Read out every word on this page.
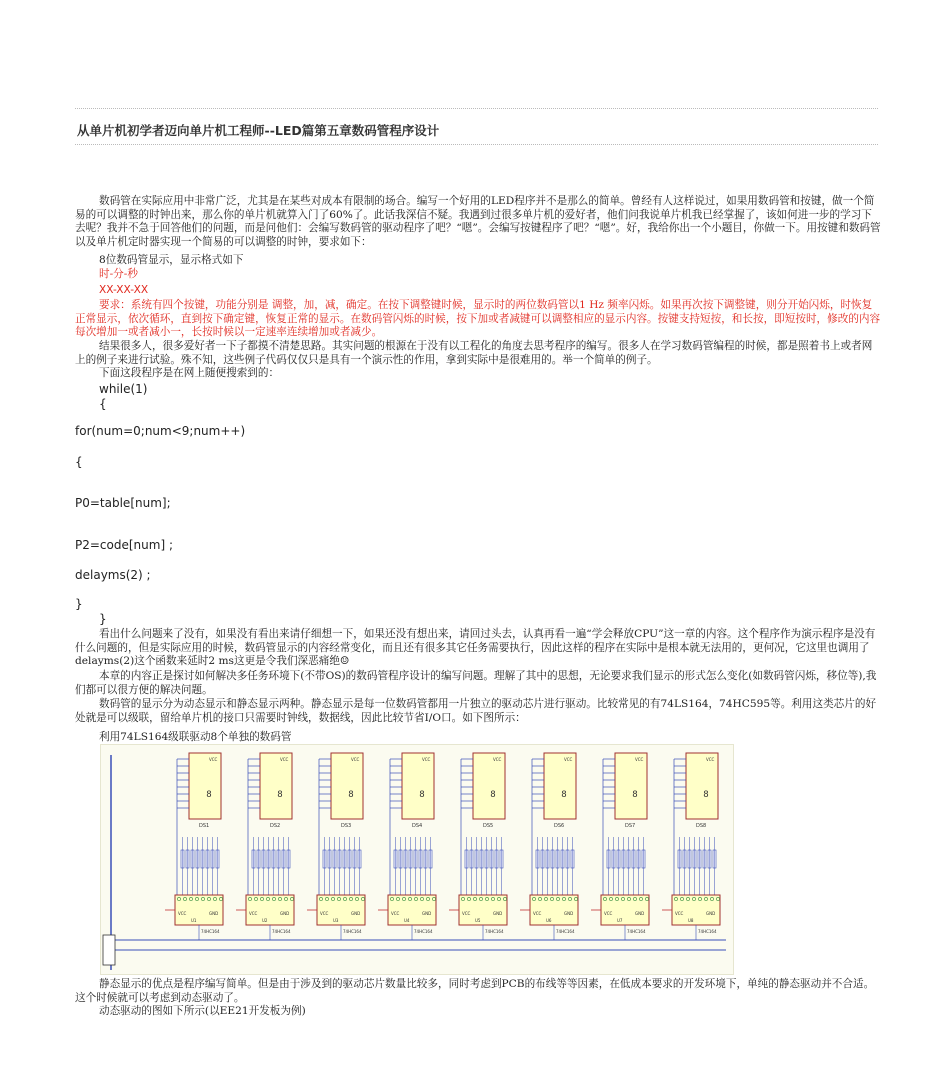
从单片机初学者迈向单片机工程师--LED篇第五章数码管程序设计
数码管在实际应用中非常广泛，尤其是在某些对成本有限制的场合。编写一个好用的LED程序并不是那么的简单。曾经有人这样说过，如果用数码管和按键，做一个简易的可以调整的时钟出来，那么你的单片机就算入门了60%了。此话我深信不疑。我遇到过很多单片机的爱好者，他们问我说单片机我已经掌握了，该如何进一步的学习下去呢？我并不急于回答他们的问题，而是问他们：会编写数码管的驱动程序了吧？“嗯”。会编写按键程序了吧？“嗯”。好，我给你出一个小题目，你做一下。用按键和数码管以及单片机定时器实现一个简易的可以调整的时钟，要求如下：
8位数码管显示，显示格式如下
时-分-秒
XX-XX-XX
要求：系统有四个按键，功能分别是 调整，加，减，确定。在按下调整键时候，显示时的两位数码管以1 Hz 频率闪烁。如果再次按下调整键，则分开始闪烁，时恢复正常显示，依次循环，直到按下确定键，恢复正常的显示。在数码管闪烁的时候，按下加或者减键可以调整相应的显示内容。按键支持短按，和长按，即短按时，修改的内容每次增加一或者减小一，长按时候以一定速率连续增加或者减少。
结果很多人，很多爱好者一下子都摸不清楚思路。其实问题的根源在于没有以工程化的角度去思考程序的编写。很多人在学习数码管编程的时候，都是照着书上或者网上的例子来进行试验。殊不知，这些例子代码仅仅只是具有一个演示性的作用，拿到实际中是很难用的。举一个简单的例子。
下面这段程序是在网上随便搜索到的：
while(1)
{
for(num=0;num<9;num++)
{
P0=table[num];
P2=code[num] ;
delayms(2) ;
}
}
看出什么问题来了没有，如果没有看出来请仔细想一下，如果还没有想出来，请回过头去，认真再看一遍“学会释放CPU”这一章的内容。这个程序作为演示程序是没有什么问题的，但是实际应用的时候，数码管显示的内容经常变化，而且还有很多其它任务需要执行，因此这样的程序在实际中是根本就无法用的，更何况，它这里也调用了delayms(2)这个函数来延时2 ms这更是令我们深恶痛绝☺
本章的内容正是探讨如何解决多任务环境下(不带OS)的数码管程序设计的编写问题。理解了其中的思想，无论要求我们显示的形式怎么变化(如数码管闪烁，移位等),我们都可以很方便的解决问题。
数码管的显示分为动态显示和静态显示两种。静态显示是每一位数码管都用一片独立的驱动芯片进行驱动。比较常见的有74LS164，74HC595等。利用这类芯片的好处就是可以级联，留给单片机的接口只需要时钟线，数据线，因此比较节省I/O口。如下图所示：
利用74LS164级联驱动8个单独的数码管
8
VCC
DS1
VCC	GND
U1
74HC164
8
VCC
DS2
VCC	GND
U2
74HC164
8
VCC
DS3
VCC	GND
U3
74HC164
8
VCC
DS4
VCC	GND
U4
74HC164
8
VCC
DS5
VCC	GND
U5
74HC164
8
VCC
DS6
VCC	GND
U6
74HC164
8
VCC
DS7
VCC	GND
U7
74HC164
8
VCC
DS8
VCC	GND
U8
74HC164
静态显示的优点是程序编写简单。但是由于涉及到的驱动芯片数量比较多，同时考虑到PCB的布线等等因素，在低成本要求的开发环境下，单纯的静态驱动并不合适。这个时候就可以考虑到动态驱动了。
动态驱动的图如下所示(以EE21开发板为例)
